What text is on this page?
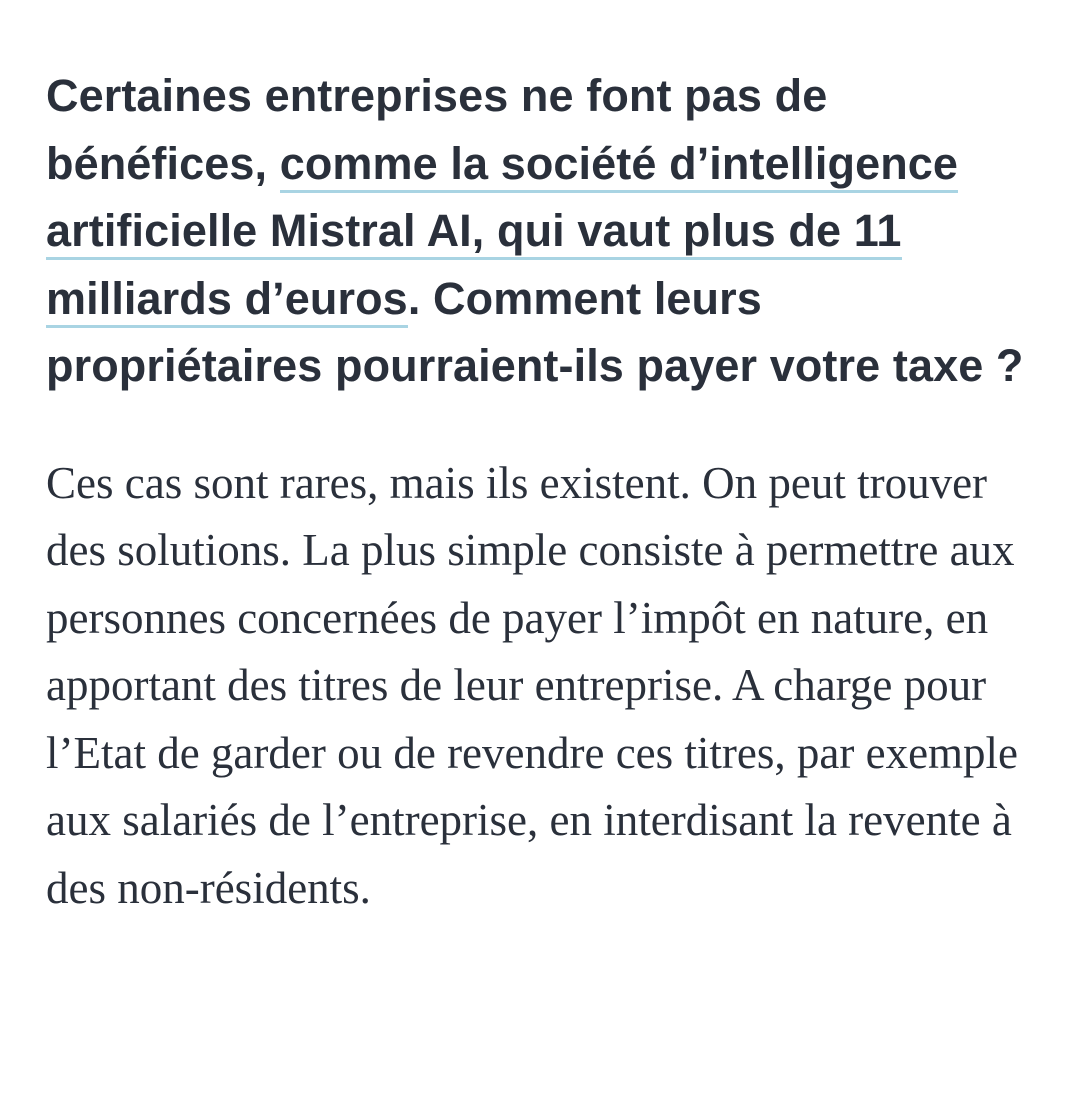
Certaines entreprises ne font pas de bénéfices, comme la société d’intelligence artificielle Mistral AI, qui vaut plus de 11 milliards d’euros. Comment leurs propriétaires pourraient-ils payer votre taxe ?

Ces cas sont rares, mais ils existent. On peut trouver des solutions. La plus simple consiste à permettre aux personnes concernées de payer l’impôt en nature, en apportant des titres de leur entreprise. A charge pour l’Etat de garder ou de revendre ces titres, par exemple aux salariés de l’entreprise, en interdisant la revente à des non-résidents.
